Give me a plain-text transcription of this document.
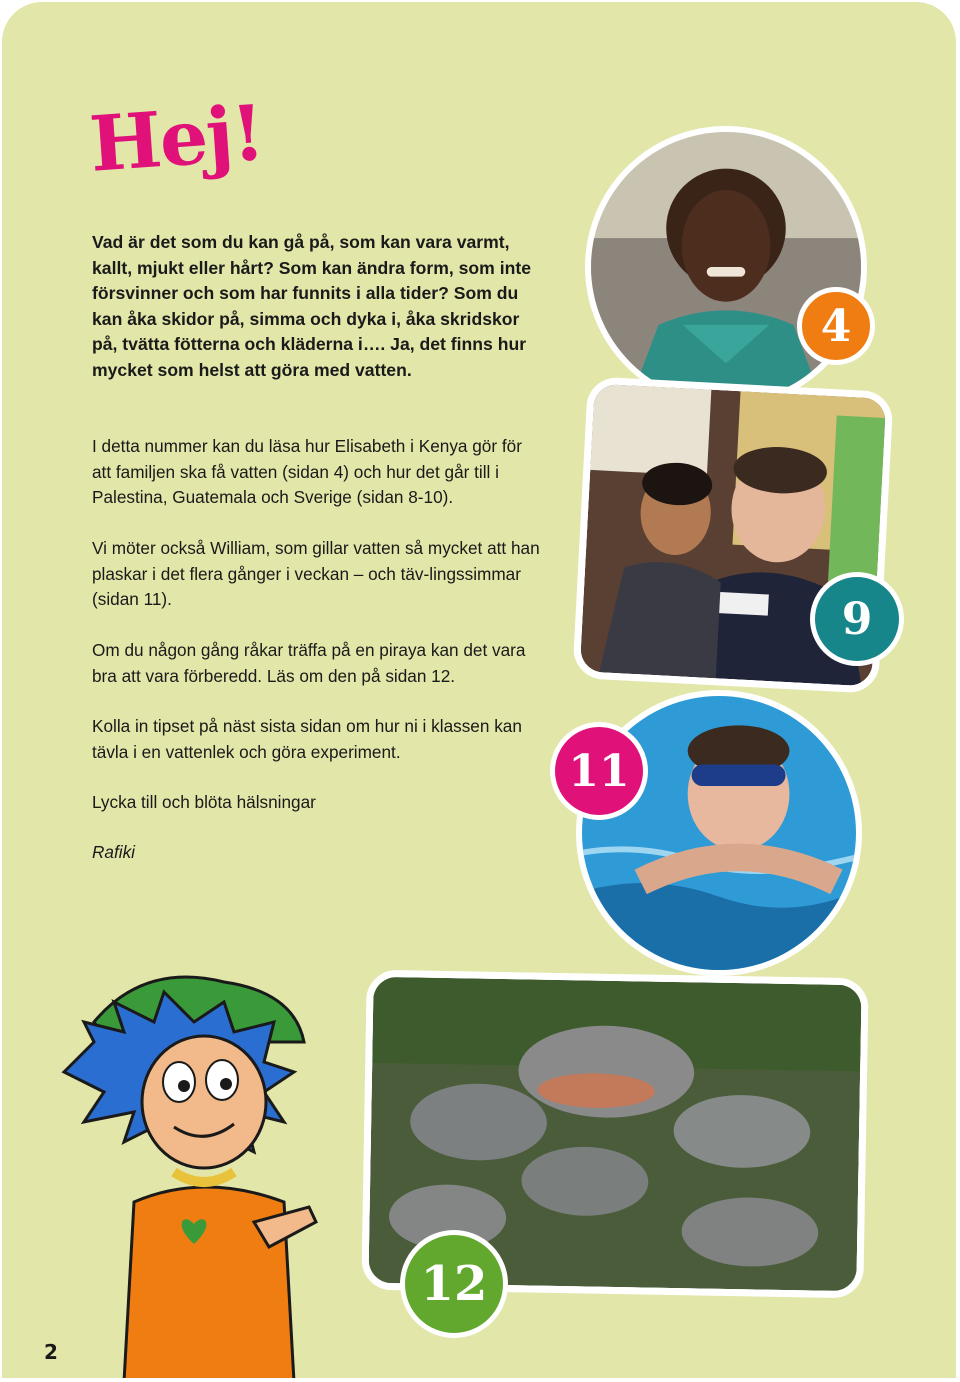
Hej!

Vad är det som du kan gå på, som kan vara varmt, kallt, mjukt eller hårt? Som kan ändra form, som inte försvinner och som har funnits i alla tider? Som du kan åka skidor på, simma och dyka i, åka skridskor på, tvätta fötterna och kläderna i…. Ja, det finns hur mycket som helst att göra med vatten.

I detta nummer kan du läsa hur Elisabeth i Kenya gör för att familjen ska få vatten (sidan 4) och hur det går till i Palestina, Guatemala och Sverige (sidan 8-10).

Vi möter också William, som gillar vatten så mycket att han plaskar i det flera gånger i veckan – och täv-lingssimmar (sidan 11).

Om du någon gång råkar träffa på en piraya kan det vara bra att vara förberedd. Läs om den på sidan 12.

Kolla in tipset på näst sista sidan om hur ni i klassen kan tävla i en vattenlek och göra experiment.

Lycka till och blöta hälsningar

Rafiki

4
9
11
12

2
